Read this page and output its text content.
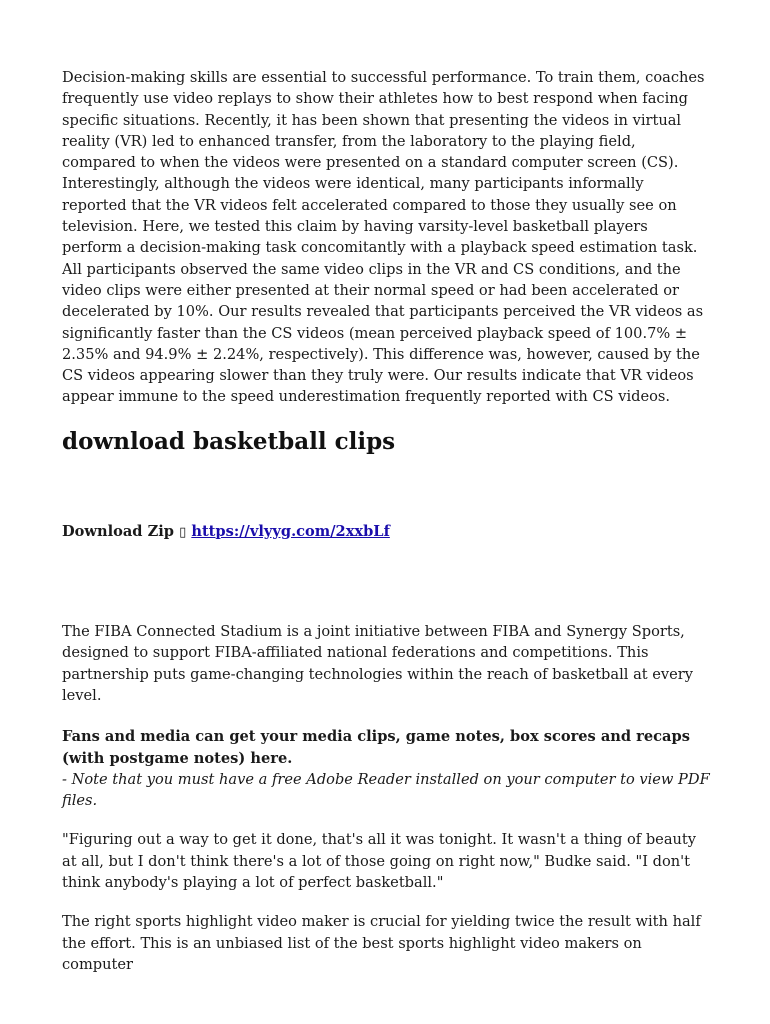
Decision-making skills are essential to successful performance. To train them, coaches frequently use video replays to show their athletes how to best respond when facing specific situations. Recently, it has been shown that presenting the videos in virtual reality (VR) led to enhanced transfer, from the laboratory to the playing field, compared to when the videos were presented on a standard computer screen (CS). Interestingly, although the videos were identical, many participants informally reported that the VR videos felt accelerated compared to those they usually see on television. Here, we tested this claim by having varsity-level basketball players perform a decision-making task concomitantly with a playback speed estimation task. All participants observed the same video clips in the VR and CS conditions, and the video clips were either presented at their normal speed or had been accelerated or decelerated by 10%. Our results revealed that participants perceived the VR videos as significantly faster than the CS videos (mean perceived playback speed of 100.7% ± 2.35% and 94.9% ± 2.24%, respectively). This difference was, however, caused by the CS videos appearing slower than they truly were. Our results indicate that VR videos appear immune to the speed underestimation frequently reported with CS videos.

download basketball clips

Download Zip ▯ https://vlyyg.com/2xxbLf

The FIBA Connected Stadium is a joint initiative between FIBA and Synergy Sports, designed to support FIBA-affiliated national federations and competitions. This partnership puts game-changing technologies within the reach of basketball at every level.

Fans and media can get your media clips, game notes, box scores and recaps (with postgame notes) here.

- Note that you must have a free Adobe Reader installed on your computer to view PDF files.

"Figuring out a way to get it done, that's all it was tonight. It wasn't a thing of beauty at all, but I don't think there's a lot of those going on right now," Budke said. "I don't think anybody's playing a lot of perfect basketball."

The right sports highlight video maker is crucial for yielding twice the result with half the effort. This is an unbiased list of the best sports highlight video makers on computer
